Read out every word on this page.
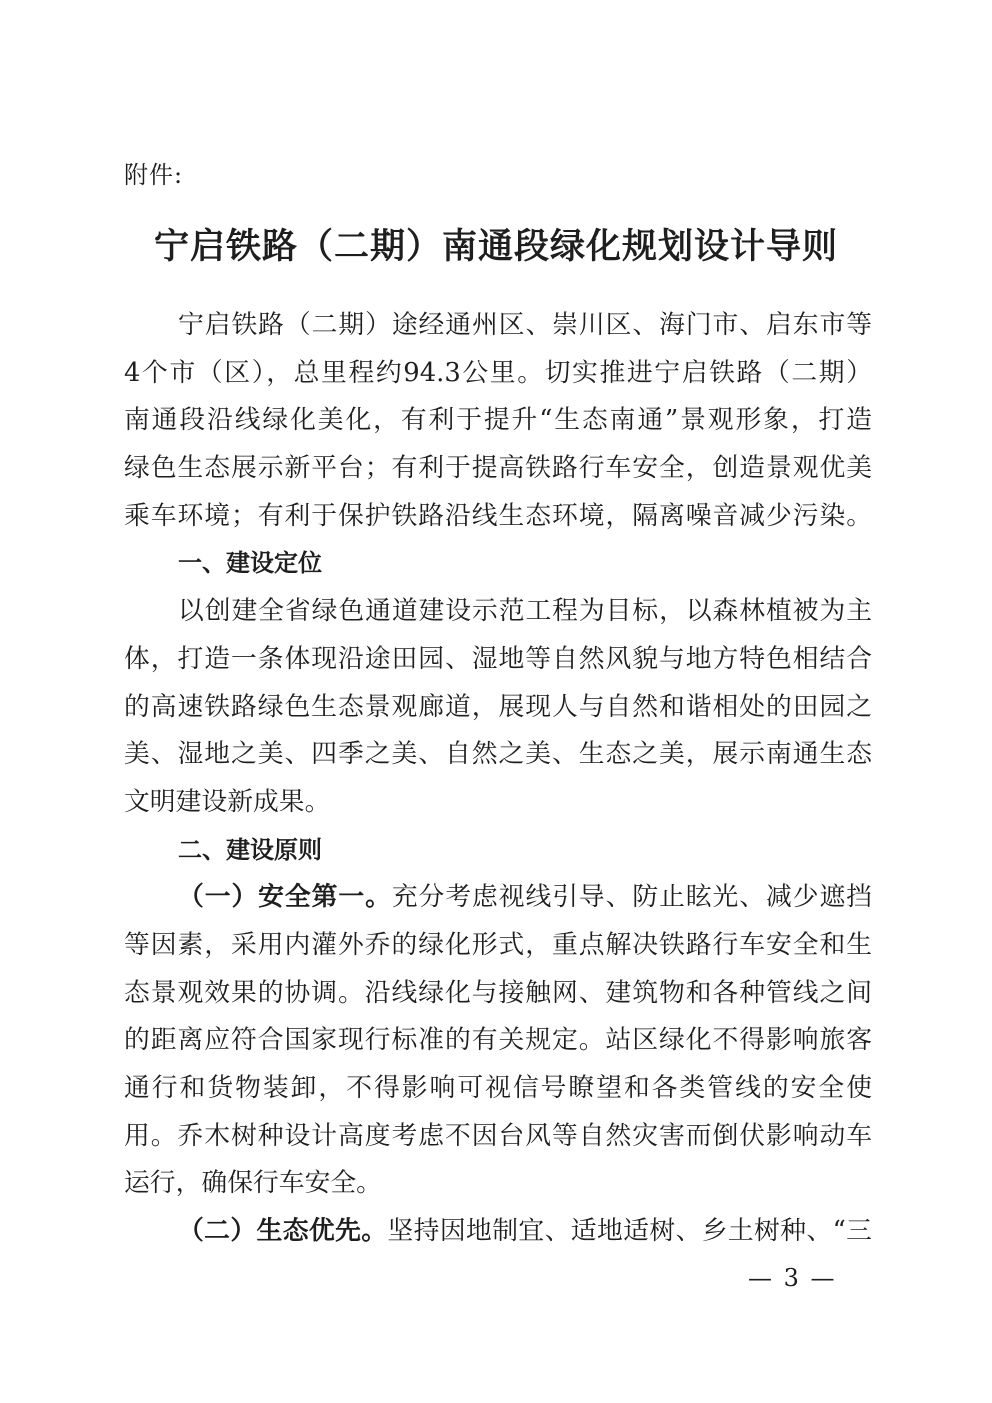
附件:
宁启铁路（二期）南通段绿化规划设计导则
宁启铁路（二期）途经通州区、崇川区、海门市、启东市等
4个市（区），总里程约94.3公里。切实推进宁启铁路（二期）
南通段沿线绿化美化，有利于提升“生态南通”景观形象，打造
绿色生态展示新平台；有利于提高铁路行车安全，创造景观优美
乘车环境；有利于保护铁路沿线生态环境，隔离噪音减少污染。
一、建设定位
以创建全省绿色通道建设示范工程为目标，以森林植被为主
体，打造一条体现沿途田园、湿地等自然风貌与地方特色相结合
的高速铁路绿色生态景观廊道，展现人与自然和谐相处的田园之
美、湿地之美、四季之美、自然之美、生态之美，展示南通生态
文明建设新成果。
二、建设原则
（一）安全第一。充分考虑视线引导、防止眩光、减少遮挡
等因素，采用内灌外乔的绿化形式，重点解决铁路行车安全和生
态景观效果的协调。沿线绿化与接触网、建筑物和各种管线之间
的距离应符合国家现行标准的有关规定。站区绿化不得影响旅客
通行和货物装卸，不得影响可视信号瞭望和各类管线的安全使
用。乔木树种设计高度考虑不因台风等自然灾害而倒伏影响动车
运行，确保行车安全。
（二）生态优先。坚持因地制宜、适地适树、乡土树种、“三
— 3 —
